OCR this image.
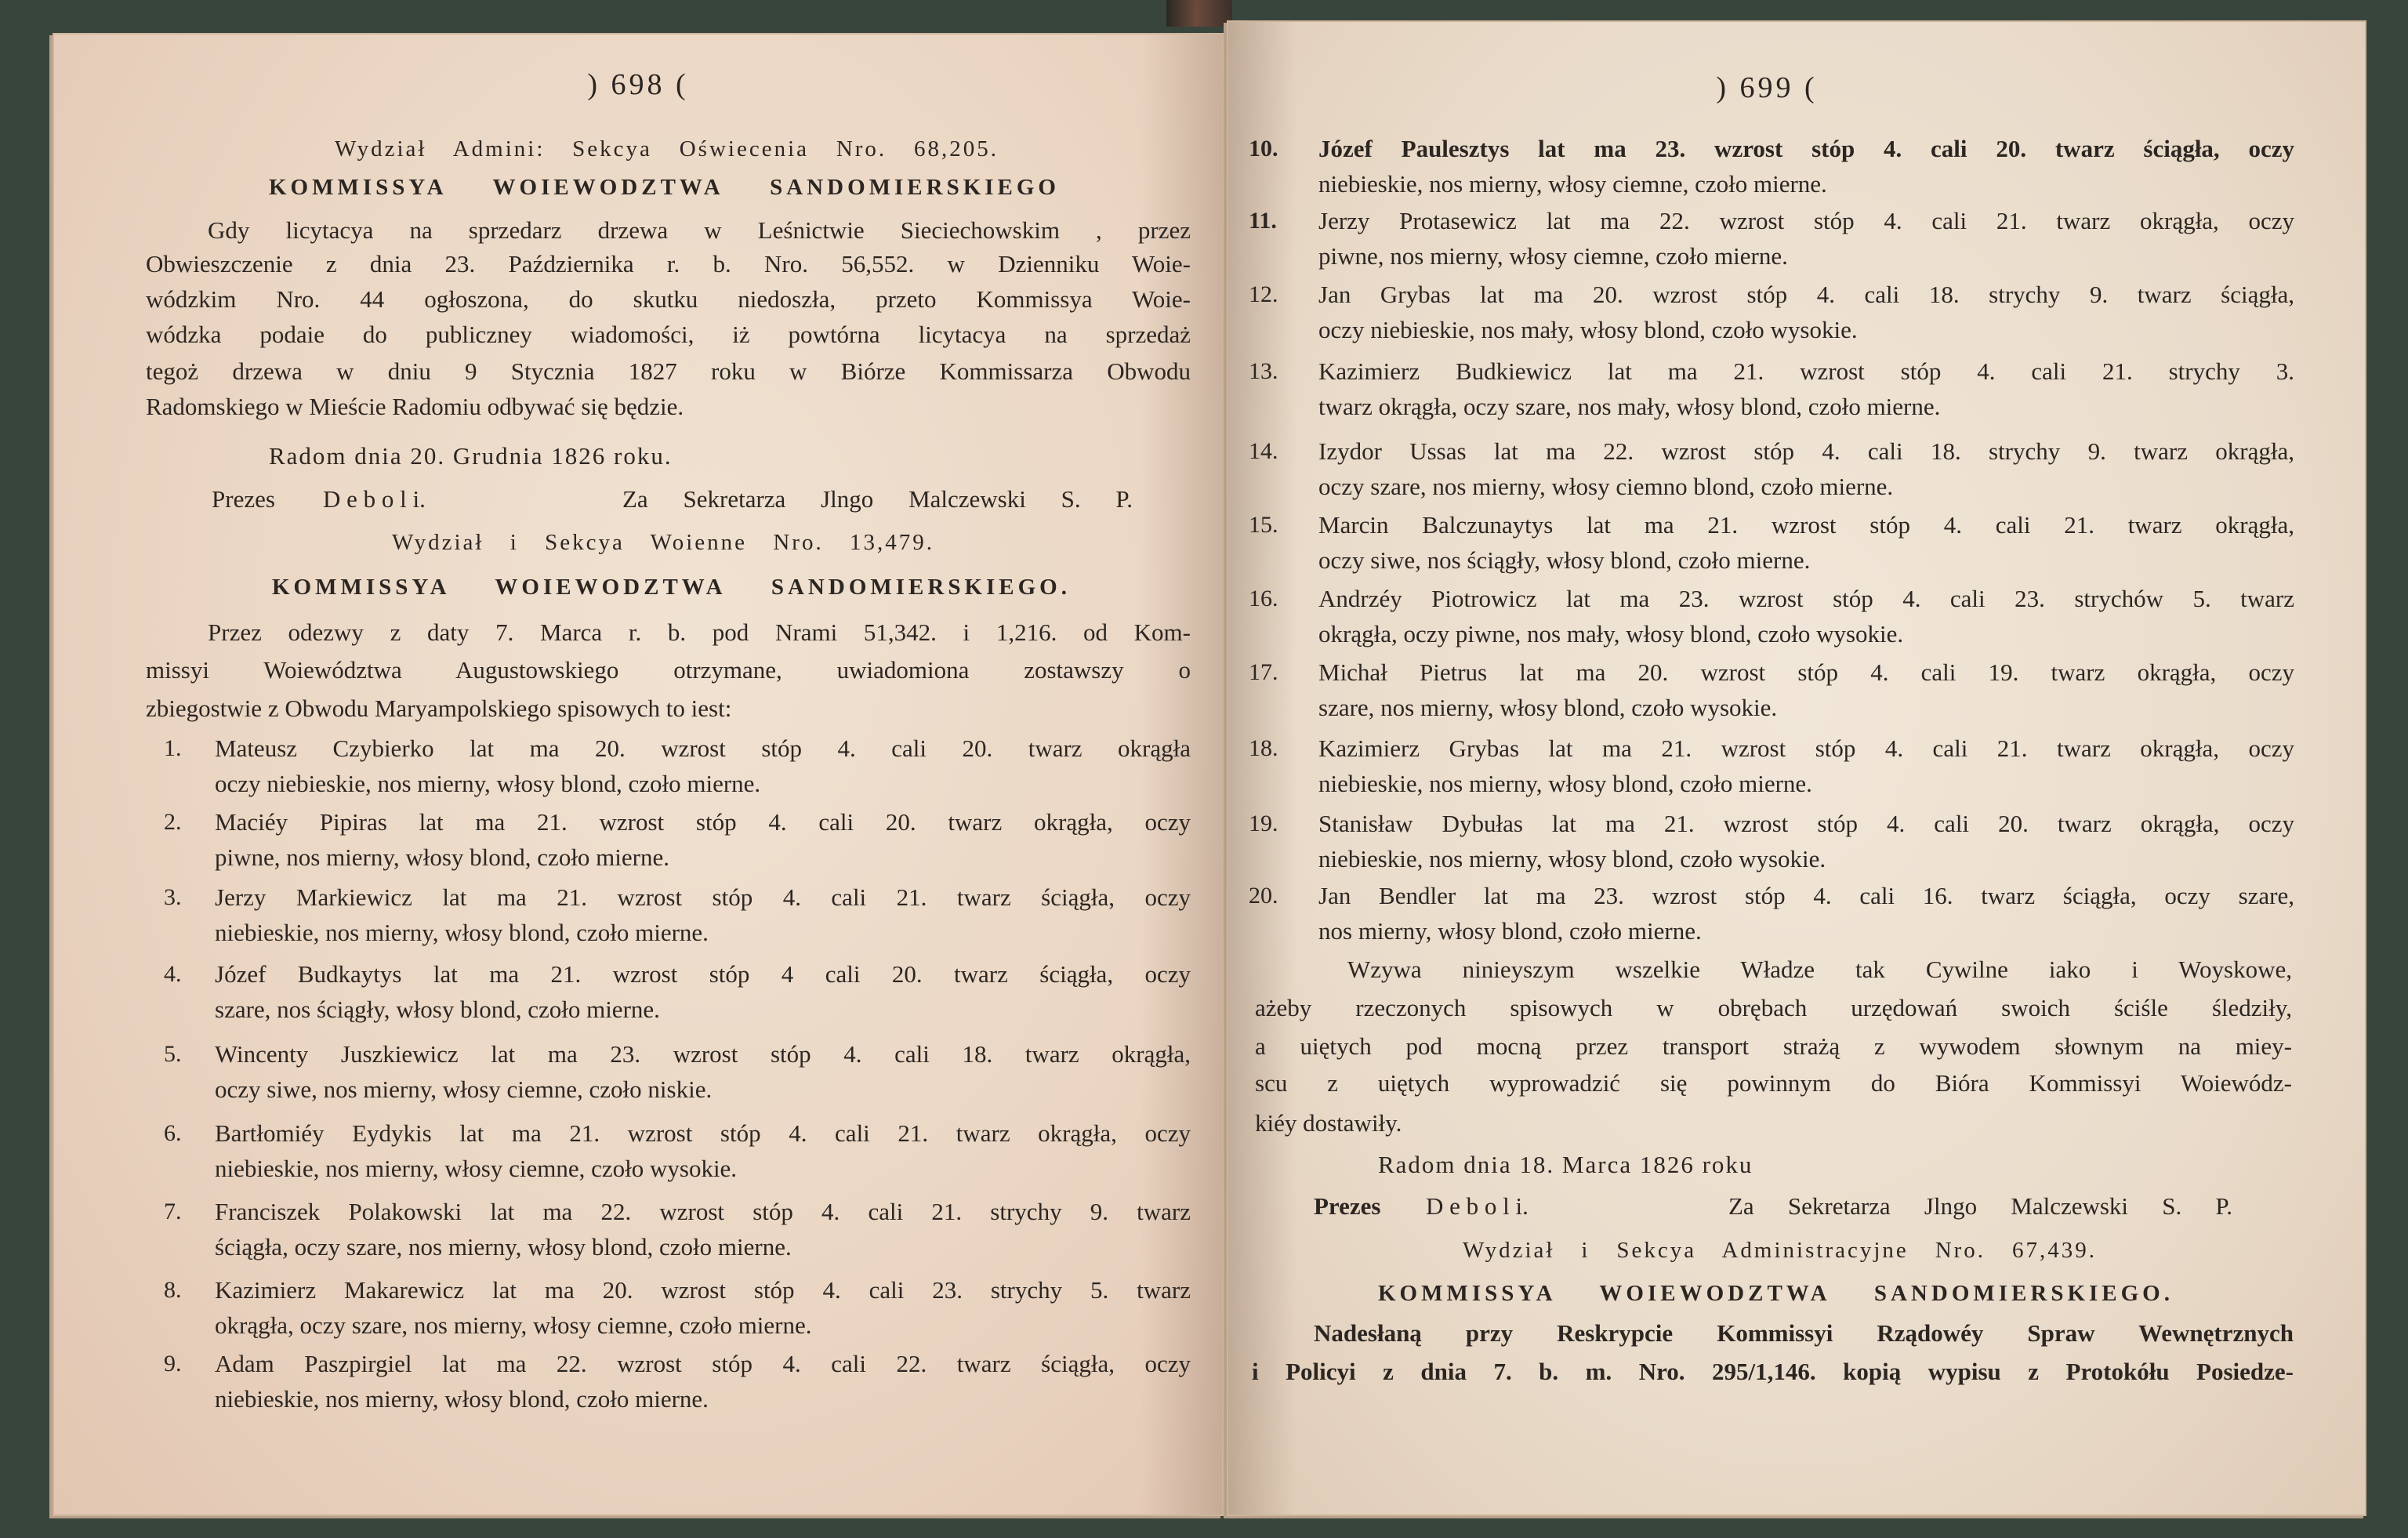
) 698 (
Wydział Admini: Sekcya Oświecenia Nro. 68,205.
KOMMISSYA WOIEWODZTWA SANDOMIERSKIEGO
Gdy licytacya na sprzedarz drzewa w Leśnictwie Sieciechowskim , przez
Obwieszczenie z dnia 23. Października r. b. Nro. 56,552. w Dzienniku Woie-
wódzkim Nro. 44 ogłoszona, do skutku niedoszła, przeto Kommissya Woie-
wódzka podaie do publiczney wiadomości, iż powtórna licytacya na sprzedaż
tegoż drzewa w dniu 9 Stycznia 1827 roku w Biórze Kommissarza Obwodu
Radomskiego w Mieście Radomiu odbywać się będzie.
Radom dnia 20. Grudnia 1826 roku.
Prezes	D e b o l i.	Za Sekretarza Jlngo Malczewski S. P.
Wydział i Sekcya Woienne Nro. 13,479.
KOMMISSYA WOIEWODZTWA SANDOMIERSKIEGO.
Przez odezwy z daty 7. Marca r. b. pod Nrami 51,342. i 1,216. od Kom-
missyi Woiewództwa Augustowskiego otrzymane, uwiadomiona zostawszy o
zbiegostwie z Obwodu Maryampolskiego spisowych to iest:
1. Mateusz Czybierko lat ma 20. wzrost stóp 4. cali 20. twarz okrągła
oczy niebieskie, nos mierny, włosy blond, czoło mierne.
2. Maciéy Pipiras lat ma 21. wzrost stóp 4. cali 20. twarz okrągła, oczy
piwne, nos mierny, włosy blond, czoło mierne.
3. Jerzy Markiewicz lat ma 21. wzrost stóp 4. cali 21. twarz ściągła, oczy
niebieskie, nos mierny, włosy blond, czoło mierne.
4. Józef Budkaytys lat ma 21. wzrost stóp 4 cali 20. twarz ściągła, oczy
szare, nos ściągły, włosy blond, czoło mierne.
5. Wincenty Juszkiewicz lat ma 23. wzrost stóp 4. cali 18. twarz okrągła,
oczy siwe, nos mierny, włosy ciemne, czoło niskie.
6. Bartłomiéy Eydykis lat ma 21. wzrost stóp 4. cali 21. twarz okrągła, oczy
niebieskie, nos mierny, włosy ciemne, czoło wysokie.
7. Franciszek Polakowski lat ma 22. wzrost stóp 4. cali 21. strychy 9. twarz
ściągła, oczy szare, nos mierny, włosy blond, czoło mierne.
8. Kazimierz Makarewicz lat ma 20. wzrost stóp 4. cali 23. strychy 5. twarz
okrągła, oczy szare, nos mierny, włosy ciemne, czoło mierne.
9. Adam Paszpirgiel lat ma 22. wzrost stóp 4. cali 22. twarz ściągła, oczy
niebieskie, nos mierny, włosy blond, czoło mierne.
) 699 (
10. Józef Paulesztys lat ma 23. wzrost stóp 4. cali 20. twarz ściągła, oczy
niebieskie, nos mierny, włosy ciemne, czoło mierne.
11. Jerzy Protasewicz lat ma 22. wzrost stóp 4. cali 21. twarz okrągła, oczy
piwne, nos mierny, włosy ciemne, czoło mierne.
12. Jan Grybas lat ma 20. wzrost stóp 4. cali 18. strychy 9. twarz ściągła,
oczy niebieskie, nos mały, włosy blond, czoło wysokie.
13. Kazimierz Budkiewicz lat ma 21. wzrost stóp 4. cali 21. strychy 3.
twarz okrągła, oczy szare, nos mały, włosy blond, czoło mierne.
14. Izydor Ussas lat ma 22. wzrost stóp 4. cali 18. strychy 9. twarz okrągła,
oczy szare, nos mierny, włosy ciemno blond, czoło mierne.
15. Marcin Balczunaytys lat ma 21. wzrost stóp 4. cali 21. twarz okrągła,
oczy siwe, nos ściągły, włosy blond, czoło mierne.
16. Andrzéy Piotrowicz lat ma 23. wzrost stóp 4. cali 23. strychów 5. twarz
okrągła, oczy piwne, nos mały, włosy blond, czoło wysokie.
17. Michał Pietrus lat ma 20. wzrost stóp 4. cali 19. twarz okrągła, oczy
szare, nos mierny, włosy blond, czoło wysokie.
18. Kazimierz Grybas lat ma 21. wzrost stóp 4. cali 21. twarz okrągła, oczy
niebieskie, nos mierny, włosy blond, czoło mierne.
19. Stanisław Dybułas lat ma 21. wzrost stóp 4. cali 20. twarz okrągła, oczy
niebieskie, nos mierny, włosy blond, czoło wysokie.
20. Jan Bendler lat ma 23. wzrost stóp 4. cali 16. twarz ściągła, oczy szare,
nos mierny, włosy blond, czoło mierne.
Wzywa ninieyszym wszelkie Władze tak Cywilne iako i Woyskowe,
ażeby rzeczonych spisowych w obrębach urzędowań swoich ściśle śledziły,
a uiętych pod mocną przez transport strażą z wywodem słownym na miey-
scu z uiętych wyprowadzić się powinnym do Bióra Kommissyi Woiewódz-
kiéy dostawiły.
Radom dnia 18. Marca 1826 roku
Prezes	D e b o l i.	Za Sekretarza Jlngo Malczewski S. P.
Wydział i Sekcya Administracyjne Nro. 67,439.
KOMMISSYA WOIEWODZTWA SANDOMIERSKIEGO.
Nadesłaną przy Reskrypcie Kommissyi Rządowéy Spraw Wewnętrznych
i Policyi z dnia 7. b. m. Nro. 295/1,146. kopią wypisu z Protokółu Posiedze-
